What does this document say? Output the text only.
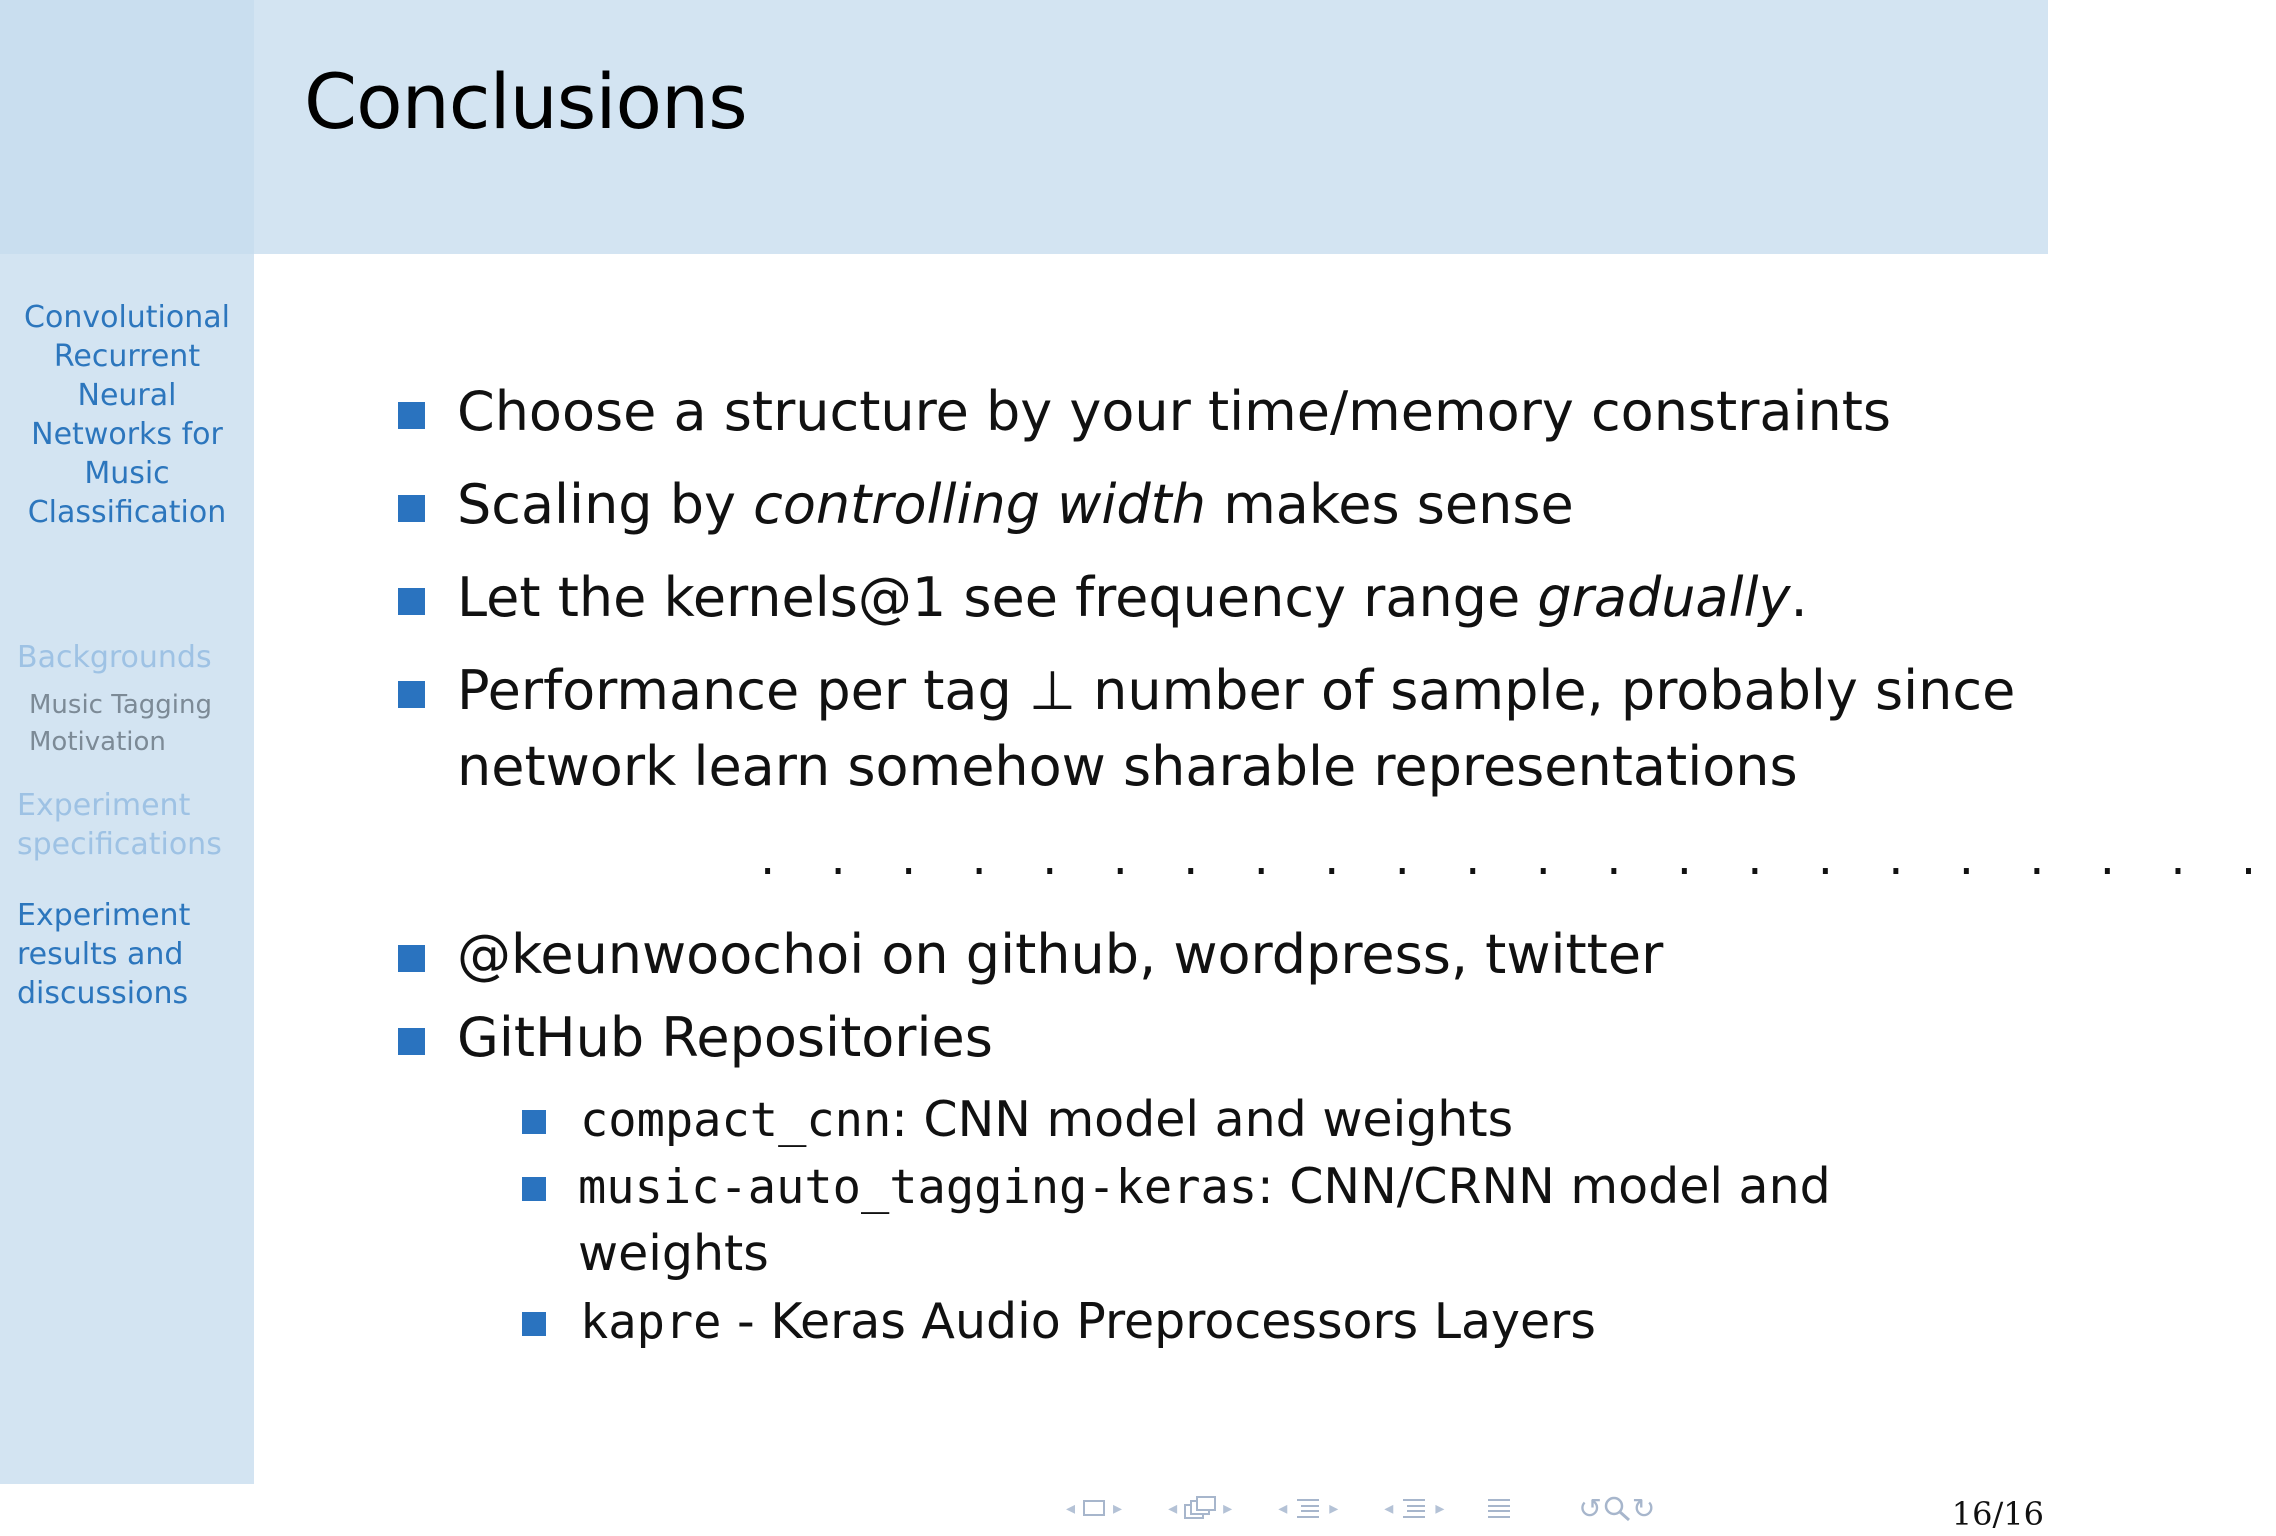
Conclusions
Convolutional
Recurrent
Neural
Networks for
Music
Classification
Backgrounds
Music Tagging
Motivation
Experiment
specifications
Experiment
results and
discussions
Choose a structure by your time/memory constraints
Scaling by controlling width makes sense
Let the kernels@1 see frequency range gradually.
Performance per tag ⊥ number of sample, probably since
network learn somehow sharable representations
. . . . . . . . . . . . . . . . . . . . . .
@keunwoochoi on github, wordpress, twitter
GitHub Repositories
compact_cnn: CNN model and weights
music-auto_tagging-keras: CNN/CRNN model and
weights
kapre - Keras Audio Preprocessors Layers
◂ ▸	◂	▸	◂ ▸	◂ ▸	↺ ↻	16/16
